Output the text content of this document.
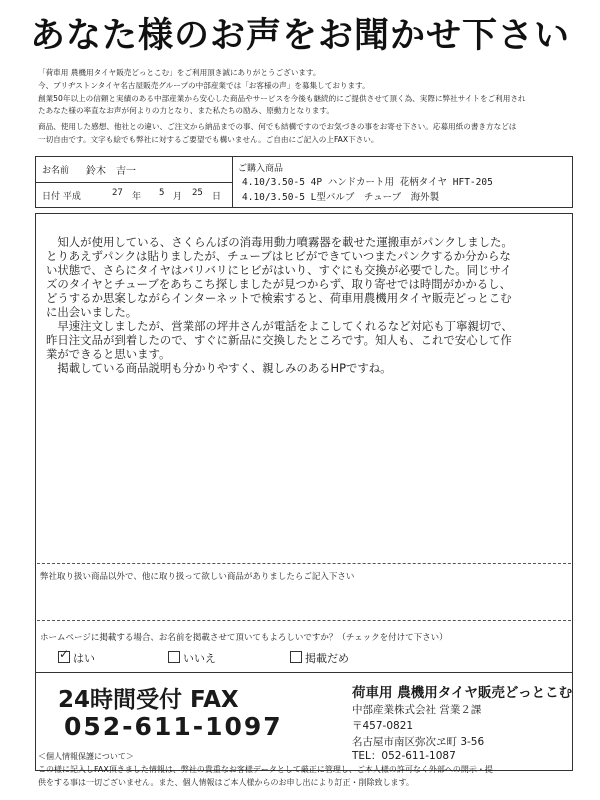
あなた様のお声をお聞かせ下さい
「荷車用 農機用タイヤ販売どっとこむ」をご利用頂き誠にありがとうございます。
今、ブリヂストンタイヤ名古屋販売グループの中部産業では「お客様の声」を募集しております。
創業50年以上の信頼と実績のある中部産業から安心した商品やサービスを今後も継続的にご提供させて頂く為、実際に弊社サイトをご利用され
たあなた様の率直なお声が何よりの力となり、また私たちの励み、原動力となります。
商品、使用した感想、他社との違い、ご注文から納品までの事、何でも結構ですのでお気づきの事をお寄せ下さい。応募用紙の書き方などは
一切自由です。文字も絵でも弊社に対するご要望でも構いません。ご自由にご記入の上FAX下さい。
お名前 鈴木　吉一
日付 平成	27 年 5 月 25 日
ご購入商品
4.10/3.50-5 4P ハンドカート用 花柄タイヤ HFT-205
4.10/3.50-5 L型バルブ　チューブ　海外製
　知人が使用している、さくらんぼの消毒用動力噴霧器を載せた運搬車がパンクしました。
とりあえずパンクは貼りましたが、チューブはヒビができていつまたパンクするか分からな
い状態で、さらにタイヤはバリバリにヒビがはいり、すぐにも交換が必要でした。同じサイ
ズのタイヤとチューブをあちこち探しましたが見つからず、取り寄せでは時間がかかるし、
どうするか思案しながらインターネットで検索すると、荷車用農機用タイヤ販売どっとこむ
に出会いました。
　早速注文しましたが、営業部の坪井さんが電話をよこしてくれるなど対応も丁寧親切で、
昨日注文品が到着したので、すぐに新品に交換したところです。知人も、これで安心して作
業ができると思います。
　掲載している商品説明も分かりやすく、親しみのあるHPですね。
弊社取り扱い商品以外で、他に取り扱って欲しい商品がありましたらご記入下さい
ホームページに掲載する場合、お名前を掲載させて頂いてもよろしいですか？（チェックを付けて下さい）
✓はい	いいえ	掲載だめ
24時間受付 FAX
052-611-1097
荷車用 農機用タイヤ販売どっとこむ
中部産業株式会社 営業２課
〒457-0821
名古屋市南区弥次ヱ町 3-56
TEL：052-611-1087
＜個人情報保護について＞
この様に記入しFAX頂きました情報は、弊社の貴重なお客様データとして厳正に管理し、ご本人様の許可なく外部への開示・提
供をする事は一切ございません。また、個人情報はご本人様からのお申し出により訂正・削除致します。
